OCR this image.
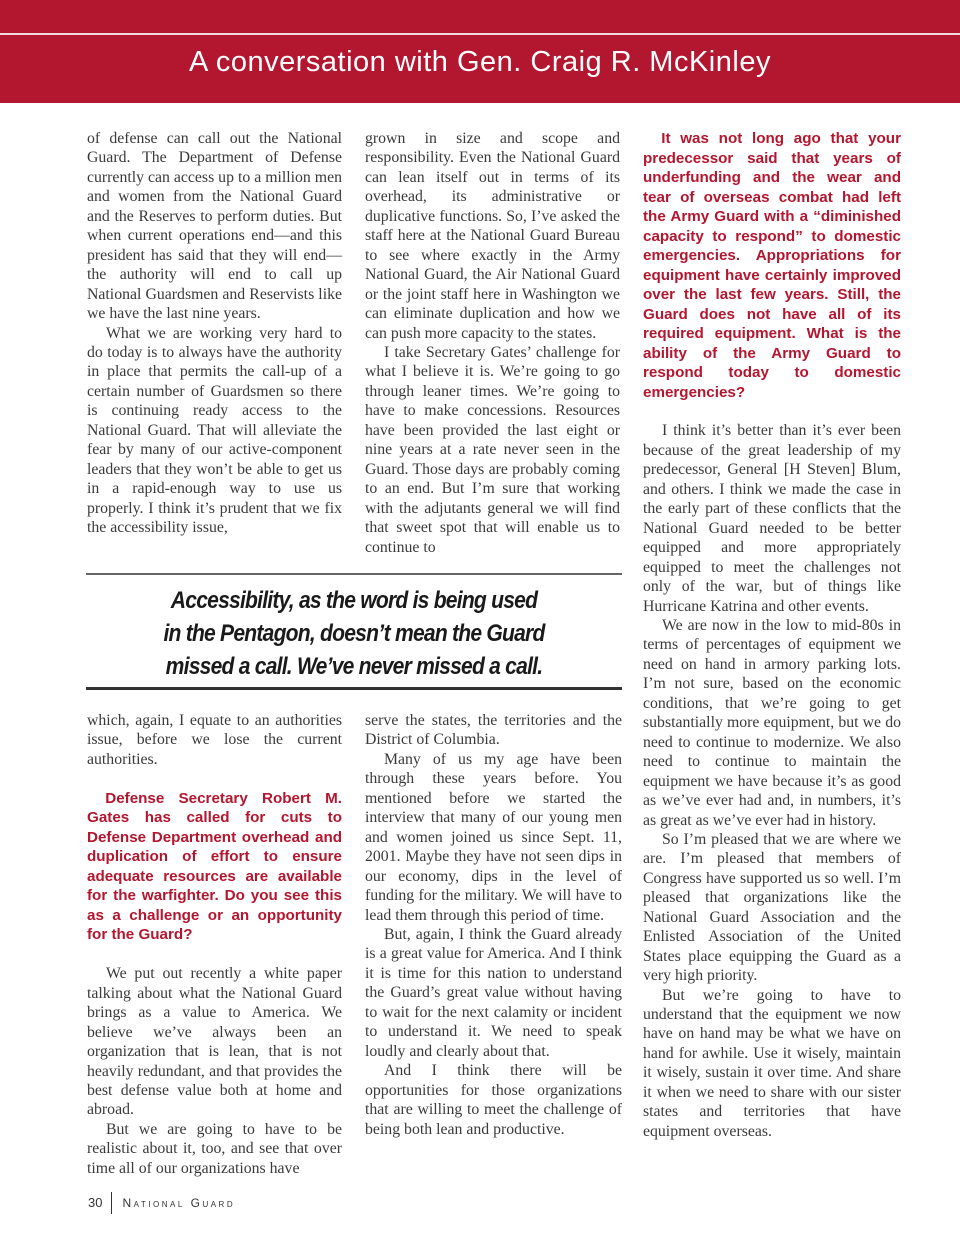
A conversation with Gen. Craig R. McKinley

of defense can call out the National Guard. The Department of Defense currently can access up to a million men and women from the National Guard and the Reserves to perform duties. But when current operations end—and this president has said that they will end—the authority will end to call up National Guardsmen and Reservists like we have the last nine years.

What we are working very hard to do today is to always have the authority in place that permits the call-up of a certain number of Guardsmen so there is continuing ready access to the National Guard. That will alleviate the fear by many of our active-component leaders that they won’t be able to get us in a rapid-enough way to use us properly. I think it’s prudent that we fix the accessibility issue,

grown in size and scope and responsibility. Even the National Guard can lean itself out in terms of its overhead, its administrative or duplicative functions. So, I’ve asked the staff here at the National Guard Bureau to see where exactly in the Army National Guard, the Air National Guard or the joint staff here in Washington we can eliminate duplication and how we can push more capacity to the states.

I take Secretary Gates’ challenge for what I believe it is. We’re going to go through leaner times. We’re going to have to make concessions. Resources have been provided the last eight or nine years at a rate never seen in the Guard. Those days are probably coming to an end. But I’m sure that working with the adjutants general we will find that sweet spot that will enable us to continue to

Accessibility, as the word is being used
in the Pentagon, doesn’t mean the Guard
missed a call. We’ve never missed a call.

which, again, I equate to an authorities issue, before we lose the current authorities.

Defense Secretary Robert M. Gates has called for cuts to Defense Department overhead and duplication of effort to ensure adequate resources are available for the warfighter. Do you see this as a challenge or an opportunity for the Guard?

We put out recently a white paper talking about what the National Guard brings as a value to America. We believe we’ve always been an organization that is lean, that is not heavily redundant, and that provides the best defense value both at home and abroad.

But we are going to have to be realistic about it, too, and see that over time all of our organizations have

serve the states, the territories and the District of Columbia.

Many of us my age have been through these years before. You mentioned before we started the interview that many of our young men and women joined us since Sept. 11, 2001. Maybe they have not seen dips in our economy, dips in the level of funding for the military. We will have to lead them through this period of time.

But, again, I think the Guard already is a great value for America. And I think it is time for this nation to understand the Guard’s great value without having to wait for the next calamity or incident to understand it. We need to speak loudly and clearly about that.

And I think there will be opportunities for those organizations that are willing to meet the challenge of being both lean and productive.

It was not long ago that your predecessor said that years of underfunding and the wear and tear of overseas combat had left the Army Guard with a “diminished capacity to respond” to domestic emergencies. Appropriations for equipment have certainly improved over the last few years. Still, the Guard does not have all of its required equipment. What is the ability of the Army Guard to respond today to domestic emergencies?

I think it’s better than it’s ever been because of the great leadership of my predecessor, General [H Steven] Blum, and others. I think we made the case in the early part of these conflicts that the National Guard needed to be better equipped and more appropriately equipped to meet the challenges not only of the war, but of things like Hurricane Katrina and other events.

We are now in the low to mid-80s in terms of percentages of equipment we need on hand in armory parking lots. I’m not sure, based on the economic conditions, that we’re going to get substantially more equipment, but we do need to continue to modernize. We also need to continue to maintain the equipment we have because it’s as good as we’ve ever had and, in numbers, it’s as great as we’ve ever had in history.

So I’m pleased that we are where we are. I’m pleased that members of Congress have supported us so well. I’m pleased that organizations like the National Guard Association and the Enlisted Association of the United States place equipping the Guard as a very high priority.

But we’re going to have to understand that the equipment we now have on hand may be what we have on hand for awhile. Use it wisely, maintain it wisely, sustain it over time. And share it when we need to share with our sister states and territories that have equipment overseas.

30 National Guard
